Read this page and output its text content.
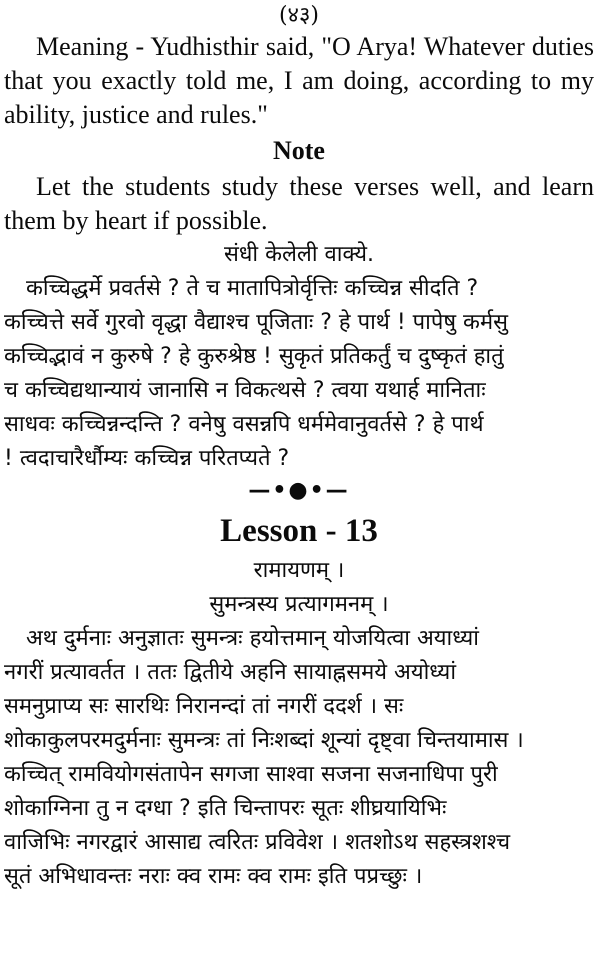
(४३)
Meaning - Yudhisthir said, "O Arya! Whatever duties that you exactly told me, I am doing, according to my ability, justice and rules."
Note
Let the students study these verses well, and learn them by heart if possible.
संधी केलेली वाक्ये.
कच्चिद्धर्मे प्रवर्तसे ? ते च मातापित्रोर्वृत्तिः कच्चिन्न सीदति ?
कच्चित्ते सर्वे गुरवो वृद्धा वैद्याश्च पूजिताः ? हे पार्थ ! पापेषु कर्मसु
कच्चिद्भावं न कुरुषे ? हे कुरुश्रेष्ठ ! सुकृतं प्रतिकर्तुं च दुष्कृतं हातुं
च कच्चिद्यथान्यायं जानासि न विकत्थसे ? त्वया यथार्ह मानिताः
साधवः कच्चिन्नन्दन्ति ? वनेषु वसन्नपि धर्ममेवानुवर्तसे ? हे पार्थ
! त्वदाचारैर्धौम्यः कच्चिन्न परितप्यते ?
—•●•—
Lesson - 13
रामायणम् ।
सुमन्त्रस्य प्रत्यागमनम् ।
अथ दुर्मनाः अनुज्ञातः सुमन्त्रः हयोत्तमान् योजयित्वा अयाध्यां
नगरीं प्रत्यावर्तत । ततः द्वितीये अहनि सायाह्नसमये अयोध्यां
समनुप्राप्य सः सारथिः निरानन्दां तां नगरीं ददर्श । सः
शोकाकुलपरमदुर्मनाः सुमन्त्रः तां निःशब्दां शून्यां दृष्ट्वा चिन्तयामास ।
कच्चित् रामवियोगसंतापेन सगजा साश्वा सजना सजनाधिपा पुरी
शोकाग्निना तु न दग्धा ? इति चिन्तापरः सूतः शीघ्रयायिभिः
वाजिभिः नगरद्वारं आसाद्य त्वरितः प्रविवेश । शतशोऽथ सहस्त्रशश्च
सूतं अभिधावन्तः नराः क्व रामः क्व रामः इति पप्रच्छुः ।
